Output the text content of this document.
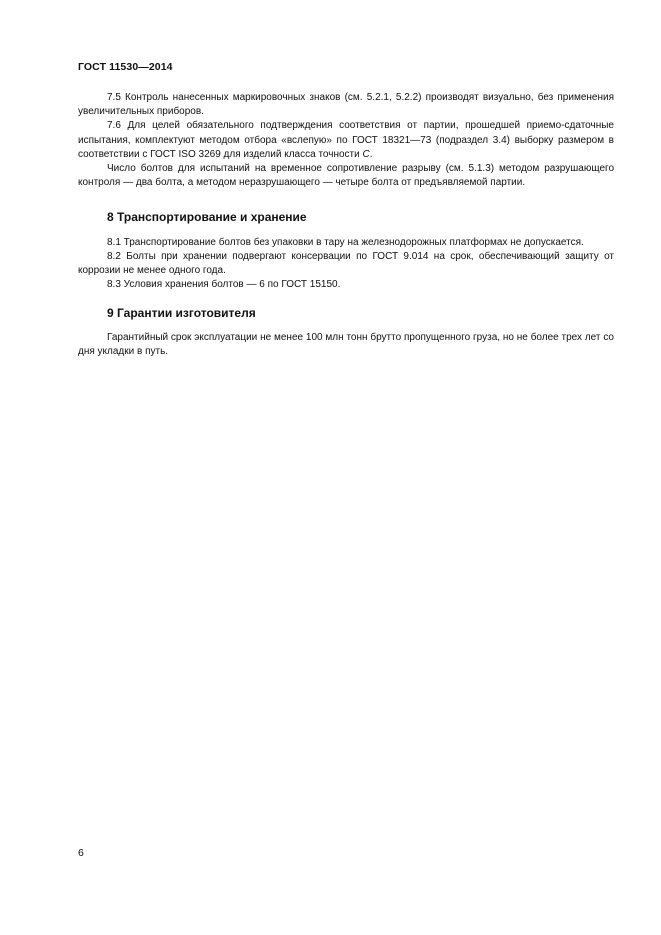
ГОСТ 11530—2014

7.5 Контроль нанесенных маркировочных знаков (см. 5.2.1, 5.2.2) производят визуально, без применения увеличительных приборов.

7.6 Для целей обязательного подтверждения соответствия от партии, прошедшей приемо-сдаточные испытания, комплектуют методом отбора «вслепую» по ГОСТ 18321—73 (подраздел 3.4) выборку размером в соответствии с ГОСТ ISO 3269 для изделий класса точности C.

Число болтов для испытаний на временное сопротивление разрыву (см. 5.1.3) методом разрушающего контроля — два болта, а методом неразрушающего — четыре болта от предъявляемой партии.

8 Транспортирование и хранение

8.1 Транспортирование болтов без упаковки в тару на железнодорожных платформах не допускается.

8.2 Болты при хранении подвергают консервации по ГОСТ 9.014 на срок, обеспечивающий защиту от коррозии не менее одного года.

8.3 Условия хранения болтов — 6 по ГОСТ 15150.

9 Гарантии изготовителя

Гарантийный срок эксплуатации не менее 100 млн тонн брутто пропущенного груза, но не более трех лет со дня укладки в путь.

6
